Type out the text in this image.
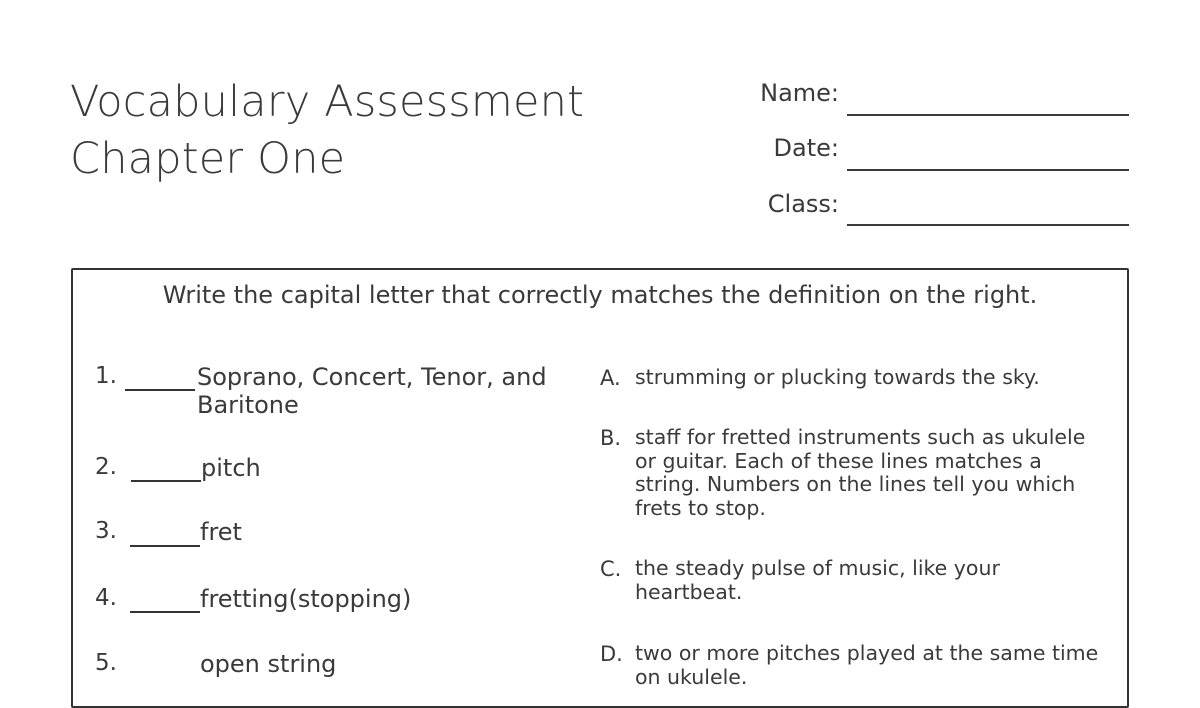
Vocabulary Assessment
Chapter One
Name:
Date:
Class:
Write the capital letter that correctly matches the definition on the right.
1.	Soprano, Concert, Tenor, and Baritone
2.	pitch
3.	fret
4.	fretting(stopping)
5.	open string
A. strumming or plucking towards the sky.
B. staff for fretted instruments such as ukulele or guitar. Each of these lines matches a string. Numbers on the lines tell you which frets to stop.
C. the steady pulse of music, like your heartbeat.
D. two or more pitches played at the same time on ukulele.
